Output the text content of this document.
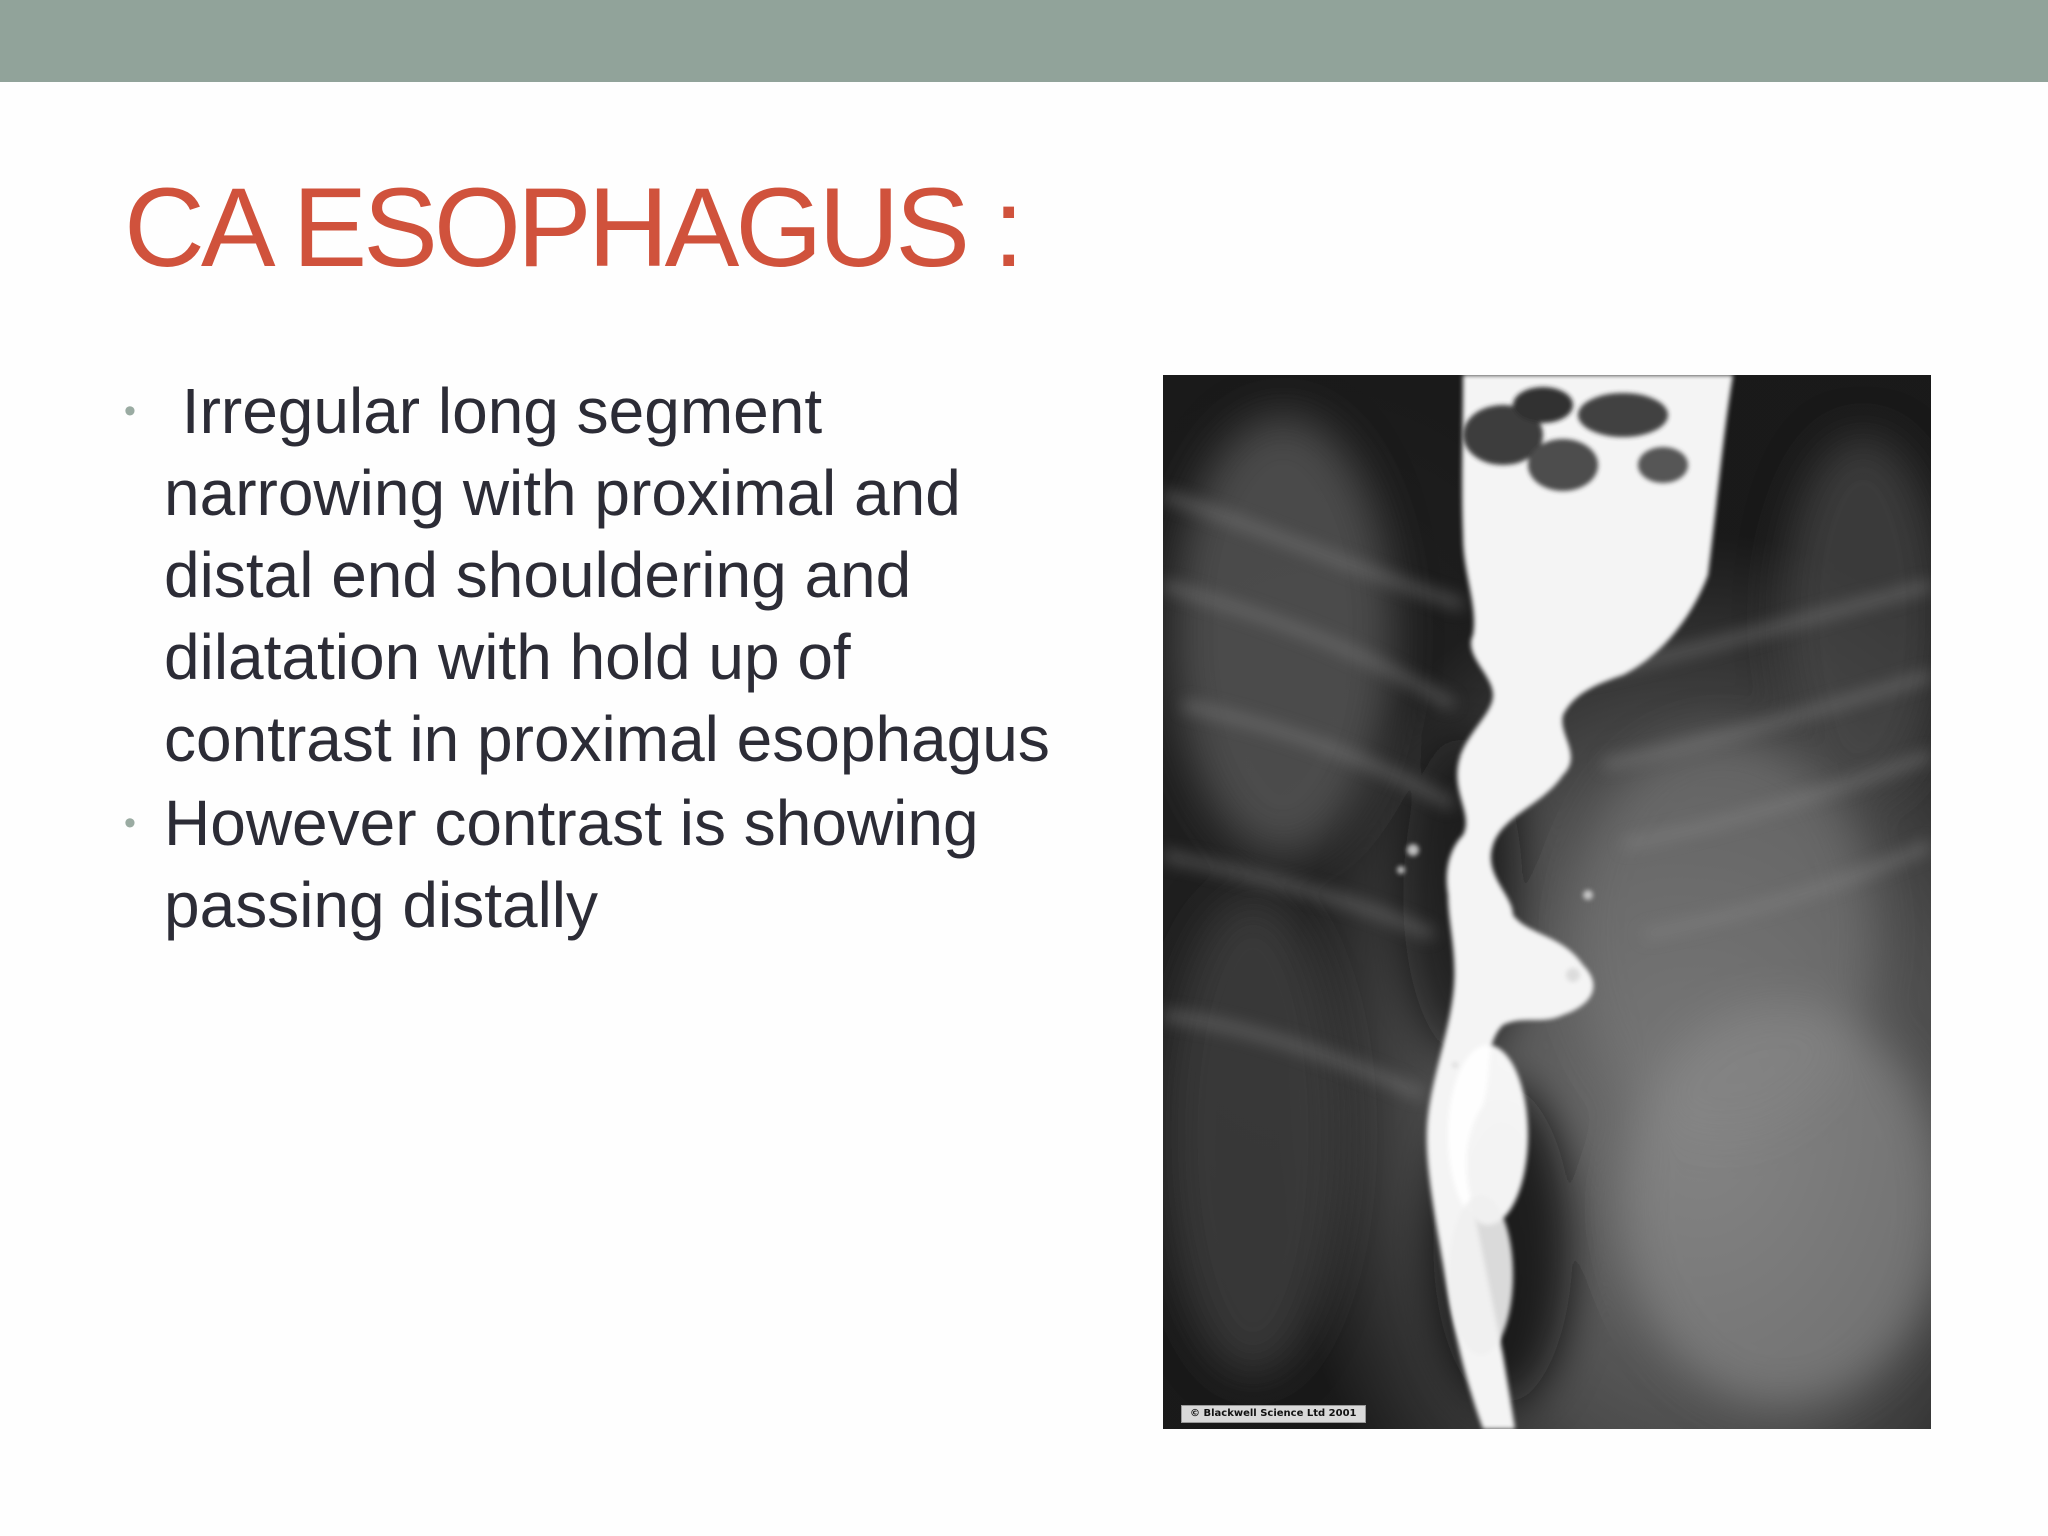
CA ESOPHAGUS :
• Irregular long segment narrowing with proximal and distal end shouldering and dilatation with hold up of contrast in proximal esophagus
• However contrast is showing passing distally
© Blackwell Science Ltd 2001
